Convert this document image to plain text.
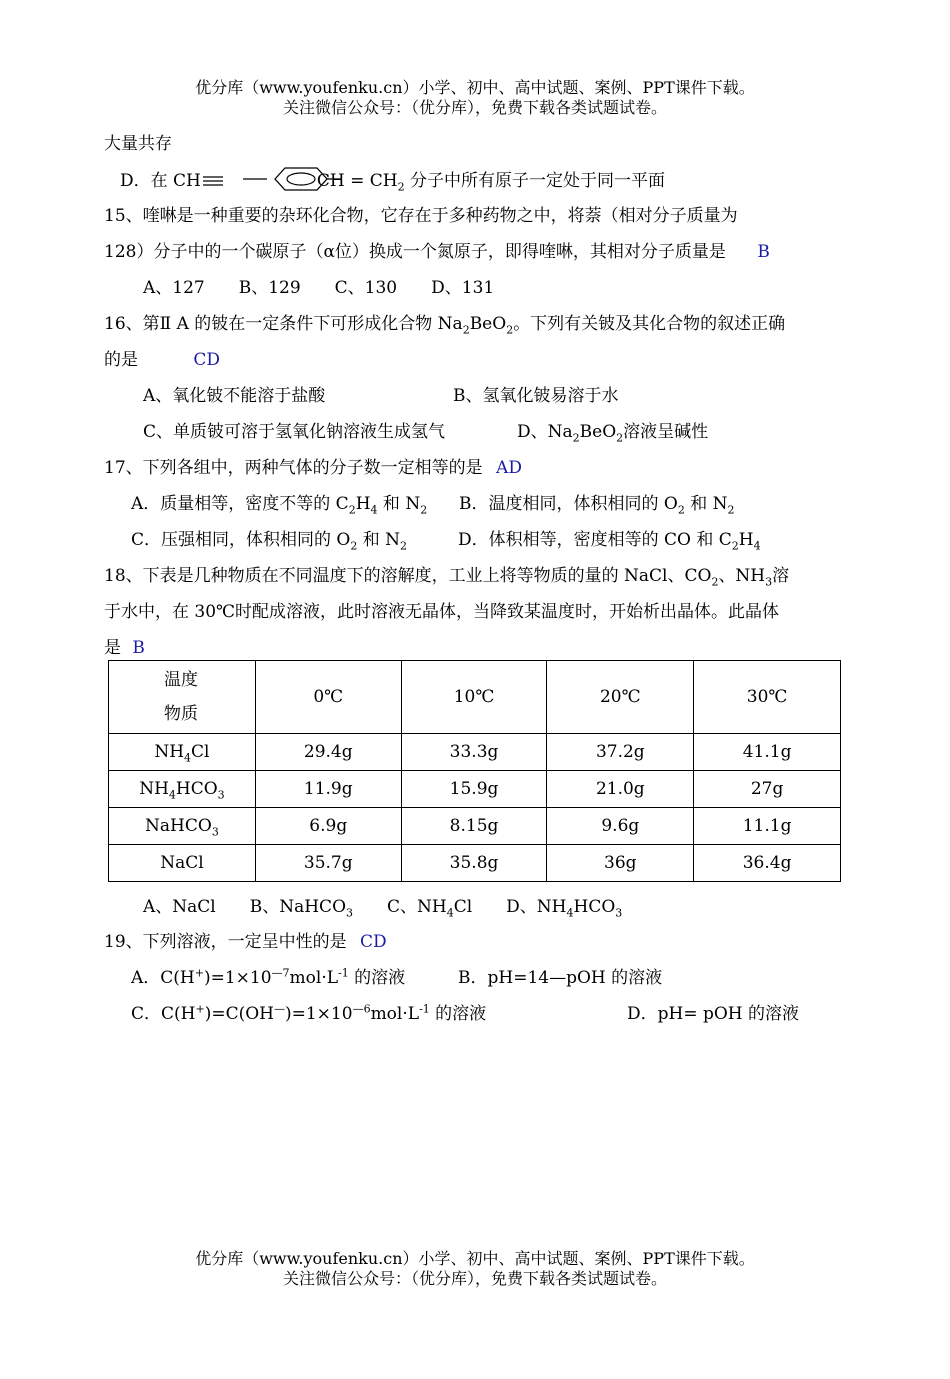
优分库（www.youfenku.cn）小学、初中、高中试题、案例、PPT课件下载。
关注微信公众号：（优分库），免费下载各类试题试卷。
大量共存
D．在 CH	CH = $CH_2$ 分子中所有原子一定处于同一平面
15、喹啉是一种重要的杂环化合物，它存在于多种药物之中，将萘（相对分子质量为
128）分子中的一个碳原子（α位）换成一个氮原子，即得喹啉，其相对分子质量是 B
A、127　　B、129　　C、130　　D、131
16、第Ⅱ A 的铍在一定条件下可形成化合物 $Na_2BeO_2$。下列有关铍及其化合物的叙述正确
的是	CD
A、氧化铍不能溶于盐酸	B、氢氧化铍易溶于水
C、单质铍可溶于氢氧化钠溶液生成氢气	D、$Na_2BeO_2$溶液呈碱性
17、下列各组中，两种气体的分子数一定相等的是 AD
A．质量相等，密度不等的 $C_2H_4$ 和 $N_2$ B．温度相同，体积相同的 $O_2$ 和 $N_2$
C．压强相同，体积相同的 $O_2$ 和 $N_2$	D．体积相等，密度相等的 CO 和 $C_2H_4$
18、下表是几种物质在不同温度下的溶解度，工业上将等物质的量的 NaCl、$CO_2$、$NH_3$溶
于水中，在 30℃时配成溶液，此时溶液无晶体，当降致某温度时，开始析出晶体。此晶体
是 B
温度
物质	0℃	10℃	20℃	30℃
$NH_4Cl$	29.4g	33.3g	37.2g	41.1g
$NH_4HCO_3$	11.9g	15.9g	21.0g	27g
NaHCO$_3$	6.9g	8.15g	9.6g	11.1g
NaCl	35.7g	35.8g	36g	36.4g
A、NaCl　　B、NaHCO$_3$　　C、$NH_4Cl$　　D、$NH_4HCO_3$
19、下列溶液，一定呈中性的是 CD
A．$C(H^+)=1\times 10^{—7}mol\cdot L^{-1}$ 的溶液	B．pH=14—pOH 的溶液
C．$C(H^+)=C(OH^—)=1\times 10^{—6}mol\cdot L^{-1}$ 的溶液	D．pH= pOH 的溶液
优分库（www.youfenku.cn）小学、初中、高中试题、案例、PPT课件下载。
关注微信公众号：（优分库），免费下载各类试题试卷。
